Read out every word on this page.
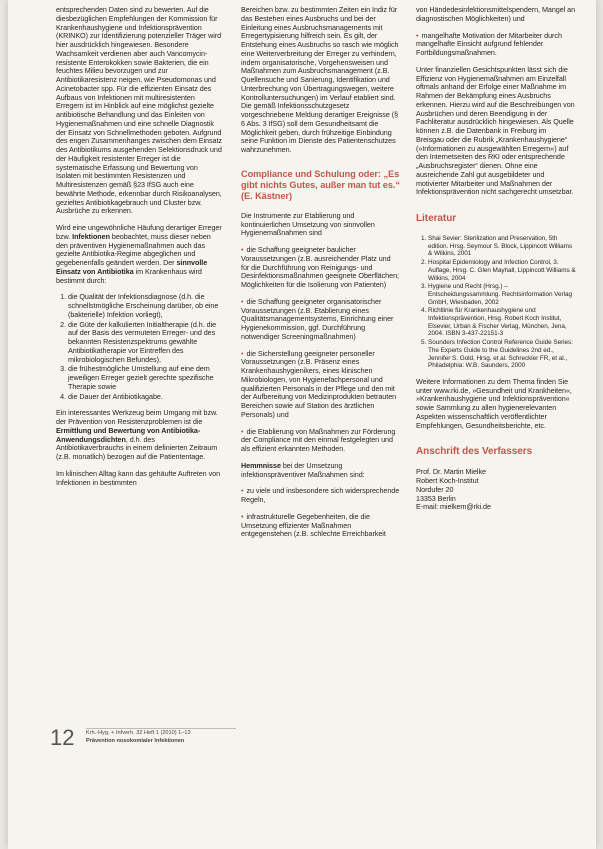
entsprechenden Daten sind zu bewerten. Auf die diesbezüglichen Empfehlungen der Kommission für Krankenhaushygiene und Infektionsprävention (KRINKO) zur Identifizierung potenzieller Träger wird hier ausdrücklich hingewiesen. Besondere Wachsamkeit verdienen aber auch Vancomycin-resistente Enterokokken sowie Bakterien, die ein feuchtes Milieu bevorzugen und zur Antibiotikaresistenz neigen, wie Pseudomonas und Acinetobacter spp. Für die effizienten Einsatz des Aufbaus von Infektionen mit multiresistenten Erregern ist im Hinblick auf eine möglichst gezielte antibiotische Behandlung und das Einleiten von Hygienemaßnahmen und eine schnelle Diagnostik der Einsatz von Schnellmethoden geboten. Aufgrund des engen Zusammenhanges zwischen dem Einsatz des Antibiotikums ausgehenden Selektionsdruck und der Häufigkeit resistenter Erreger ist die systematische Erfassung und Bewertung von Isolaten mit bestimmten Resistenzen und Multiresistenzen gemäß §23 IfSG auch eine bewährte Methode, erkennbar durch Risikoanalysen, gezieltes Antibiotikagebrauch und Cluster bzw. Ausbrüche zu erkennen.

Wird eine ungewöhnliche Häufung derartiger Erreger bzw. Infektionen beobachtet, muss dieser neben den präventiven Hygienemaßnahmen auch das gezielte Antibiotika-Regime abgeglichen und gegebenenfalls geändert werden. Der sinnvolle Einsatz von Antibiotika im Krankenhaus wird bestimmt durch:

1. die Qualität der Infektionsdiagnose (d.h. die schnellstmögliche Erscheinung darüber, ob eine (bakterielle) Infektion vorliegt),
2. die Güte der kalkulierten Initialtherapie (d.h. die auf der Basis des vermuteten Erreger- und des bekannten Resistenzspektrums gewählte Antibiotikatherapie vor Eintreffen des mikrobiologischen Befundes),
3. die frühestmögliche Umstellung auf eine dem jeweiligen Erreger gezielt gerechte spezifische Therapie sowie
4. die Dauer der Antibiotikagabe.

Ein interessantes Werkzeug beim Umgang mit bzw. der Prävention von Resistenzproblemen ist die Ermittlung und Bewertung von Antibiotika-Anwendungsdichten, d.h. des Antibiotikaverbrauchs in einem definierten Zeitraum (z.B. monatlich) bezogen auf die Patiententage.

Im klinischen Alltag kann das gehäufte Auftreten von Infektionen in bestimmten

Bereichen bzw. zu bestimmten Zeiten ein Indiz für das Bestehen eines Ausbruchs und bei der Einleitung eines Ausbruchsmanagements mit Erregertypisierung hilfreich sein. Es gilt, der Entstehung eines Ausbruchs so rasch wie möglich eine Weiterverbreitung der Erreger zu verhindern, indem organisatorische, Vorgehensweisen und Maßnahmen zum Ausbruchsmanagement (z.B. Quellensuche und Sanierung, Identifikation und Unterbrechung von Übertragungswegen, weitere Kontrolluntersuchungen) im Verlauf etabliert sind. Die gemäß Infektionsschutzgesetz vorgeschriebene Meldung derartiger Ereignisse (§ 6 Abs. 3 IfSG) soll dem Gesundheitsamt die Möglichkeit geben, durch frühzeitige Einbindung seine Funktion im Dienste des Patientenschutzes wahrzunehmen.

Compliance und Schulung oder: „Es gibt nichts Gutes, außer man tut es.“ (E. Kästner)

Die Instrumente zur Etablierung und kontinuierlichen Umsetzung von sinnvollen Hygienemaßnahmen sind

• die Schaffung geeigneter baulicher Voraussetzungen (z.B. ausreichender Platz und für die Durchführung von Reinigungs- und Desinfektionsmaßnahmen geeignete Oberflächen; Möglichkeiten für die Isolierung von Patienten)
• die Schaffung geeigneter organisatorischer Voraussetzungen (z.B. Etablierung eines Qualitätsmanagementsystems, Einrichtung einer Hygienekommission, ggf. Durchführung notwendiger Screeningmaßnahmen)
• die Sicherstellung geeigneter personeller Voraussetzungen (z.B. Präsenz eines Krankenhaushygienikers, eines klinischen Mikrobiologen, von Hygienefachpersonal und qualifizierten Personals in der Pflege und den mit der Aufbereitung von Medizinprodukten betrauten Bereichen sowie auf Station des ärztlichen Personals) und
• die Etablierung von Maßnahmen zur Förderung der Compliance mit den einmal festgelegten und als effizient erkannten Methoden.

Hemmnisse bei der Umsetzung infektionspräventiver Maßnahmen sind:

• zu viele und insbesondere sich widersprechende Regeln,
• infrastrukturelle Gegebenheiten, die die Umsetzung effizienter Maßnahmen entgegenstehen (z.B. schlechte Erreichbarkeit

von Händedesinfektionsmittelspendern, Mangel an diagnostischen Möglichkeiten) und

• mangelhafte Motivation der Mitarbeiter durch mangelhafte Einsicht aufgrund fehlender Fortbildungsmaßnahmen.

Unter finanziellen Gesichtspunkten lässt sich die Effizienz von Hygienemaßnahmen am Einzelfall oftmals anhand der Erfolge einer Maßnahme im Rahmen der Bekämpfung eines Ausbruchs erkennen. Hierzu wird auf die Beschreibungen von Ausbrüchen und deren Beendigung in der Fachliteratur ausdrücklich hingewiesen. Als Quelle können z.B. die Datenbank in Freiburg im Breisgau oder die Rubrik „Krankenhaushygiene“ (»Informationen zu ausgewählten Erregern«) auf den Internetseiten des RKI oder entsprechende „Ausbruchsregister“ dienen. Ohne eine ausreichende Zahl gut ausgebildeter und motivierter Mitarbeiter und Maßnahmen der Infektionsprävention nicht sachgerecht umsetzbar.

Literatur
1. Shai Sevier: Sterilization and Preservation, 5th edition. Hrsg. Seymour S. Block, Lippincott Williams & Wilkins, 2001
2. Hospital Epidemiology and Infection Control, 3. Auflage, Hrsg. C. Glen Mayhall, Lippincott Williams & Wilkins, 2004
3. Hygiene und Recht (Hrsg.) – Entscheidungssammlung. Rechtsinformation Verlag GmbH, Wiesbaden, 2002
4. Richtlinie für Krankenhaushygiene und Infektionsprävention, Hrsg. Robert Koch Institut, Elsevier, Urban & Fischer Verlag, München, Jena, 2004. ISBN 3-437-22151-3
5. Sounders Infection Control Reference Guide Series: The Experts Guide to the Guidelines 2nd ed., Jennifer S. Gold, Hrsg. et al. Schreckler FR, et al., Philadelphia: W.B. Saunders, 2000

Weitere Informationen zu dem Thema finden Sie unter www.rki.de, »Gesundheit und Krankheiten«, »Krankenhaushygiene und Infektionsprävention« sowie Sammlung zu allen hygienerelevanten Aspekten wissenschaftlich veröffentlichter Empfehlungen, Gesundheitsberichte, etc.

Anschrift des Verfassers

Prof. Dr. Martin Mielke

Robert Koch-Institut

Nordufer 20

13353 Berlin

E-mail: mielkem@rki.de

12 Krh.-Hyg. + Infverh. 32 Heft 1 (2010) 1–13
Prävention nosokomialer Infektionen
